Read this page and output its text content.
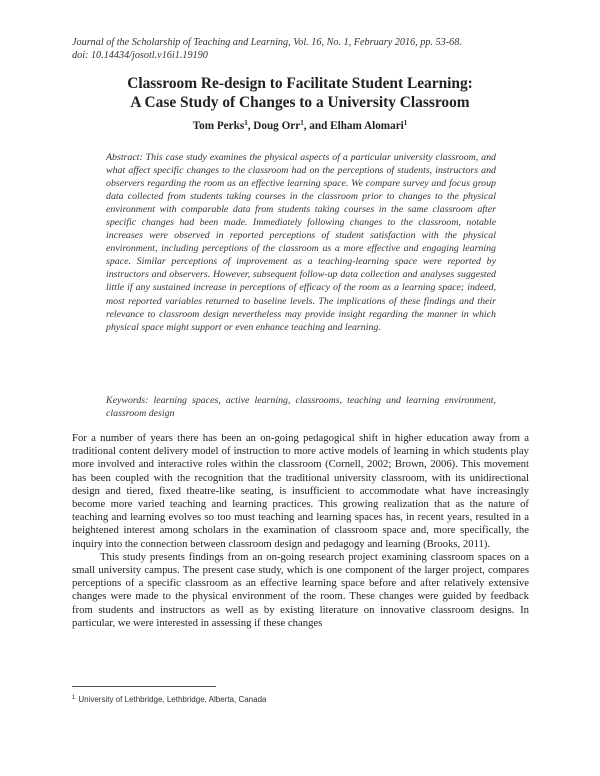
Journal of the Scholarship of Teaching and Learning, Vol. 16, No. 1, February 2016, pp. 53-68.
doi: 10.14434/josotl.v16i1.19190
Classroom Re-design to Facilitate Student Learning:
A Case Study of Changes to a University Classroom
Tom Perks$^1$, Doug Orr$^1$, and Elham Alomari$^1$

Abstract: This case study examines the physical aspects of a particular university classroom, and what affect specific changes to the classroom had on the perceptions of students, instructors and observers regarding the room as an effective learning space. We compare survey and focus group data collected from students taking courses in the classroom prior to changes to the physical environment with comparable data from students taking courses in the same classroom after specific changes had been made. Immediately following changes to the classroom, notable increases were observed in reported perceptions of student satisfaction with the physical environment, including perceptions of the classroom as a more effective and engaging learning space. Similar perceptions of improvement as a teaching-learning space were reported by instructors and observers. However, subsequent follow-up data collection and analyses suggested little if any sustained increase in perceptions of efficacy of the room as a learning space; indeed, most reported variables returned to baseline levels. The implications of these findings and their relevance to classroom design nevertheless may provide insight regarding the manner in which physical space might support or even enhance teaching and learning.

Keywords: learning spaces, active learning, classrooms, teaching and learning environment, classroom design

For a number of years there has been an on-going pedagogical shift in higher education away from a traditional content delivery model of instruction to more active models of learning in which students play more involved and interactive roles within the classroom (Cornell, 2002; Brown, 2006). This movement has been coupled with the recognition that the traditional university classroom, with its unidirectional design and tiered, fixed theatre-like seating, is insufficient to accommodate what have increasingly become more varied teaching and learning practices. This growing realization that as the nature of teaching and learning evolves so too must teaching and learning spaces has, in recent years, resulted in a heightened interest among scholars in the examination of classroom space and, more specifically, the inquiry into the connection between classroom design and pedagogy and learning (Brooks, 2011).

This study presents findings from an on-going research project examining classroom spaces on a small university campus. The present case study, which is one component of the larger project, compares perceptions of a specific classroom as an effective learning space before and after relatively extensive changes were made to the physical environment of the room. These changes were guided by feedback from students and instructors as well as by existing literature on innovative classroom designs. In particular, we were interested in assessing if these changes

$^1$ University of Lethbridge, Lethbridge, Alberta, Canada
